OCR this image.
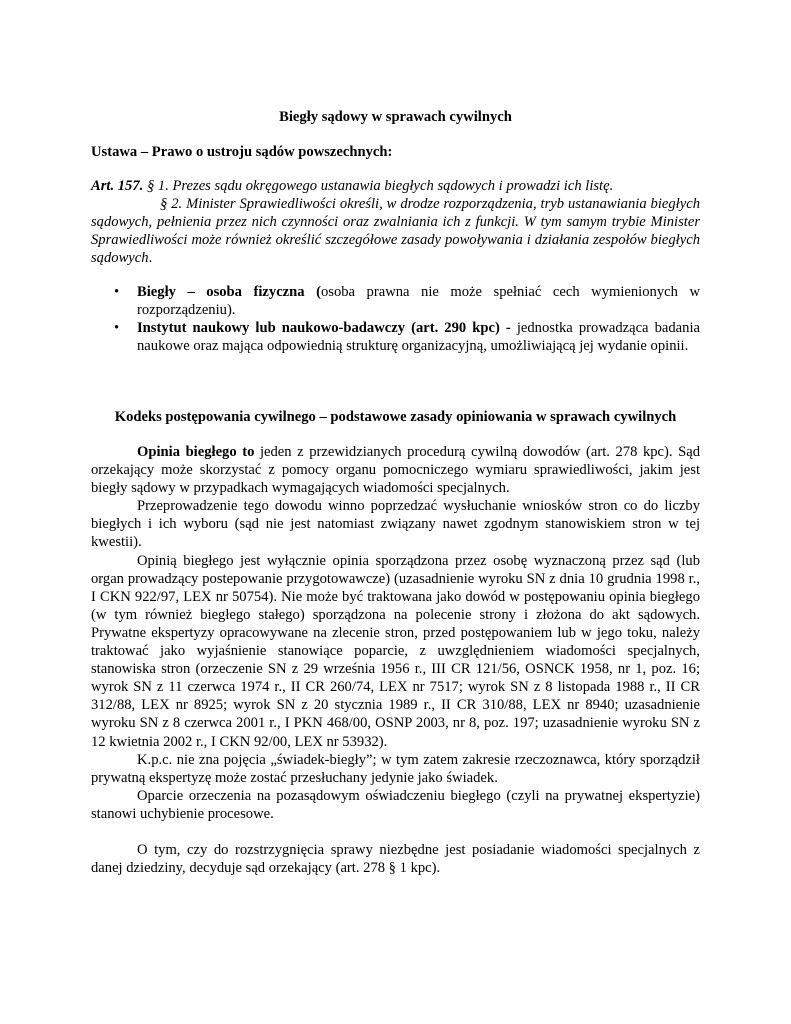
Biegły sądowy w sprawach cywilnych
Ustawa – Prawo o ustroju sądów powszechnych:

Art. 157. § 1. Prezes sądu okręgowego ustanawia biegłych sądowych i prowadzi ich listę.

§ 2. Minister Sprawiedliwości określi, w drodze rozporządzenia, tryb ustanawiania biegłych sądowych, pełnienia przez nich czynności oraz zwalniania ich z funkcji. W tym samym trybie Minister Sprawiedliwości może również określić szczegółowe zasady powoływania i działania zespołów biegłych sądowych.

• Biegły – osoba fizyczna (osoba prawna nie może spełniać cech wymienionych w rozporządzeniu).
• Instytut naukowy lub naukowo-badawczy (art. 290 kpc) - jednostka prowadząca badania naukowe oraz mająca odpowiednią strukturę organizacyjną, umożliwiającą jej wydanie opinii.
Kodeks postępowania cywilnego – podstawowe zasady opiniowania w sprawach cywilnych

Opinia biegłego to jeden z przewidzianych procedurą cywilną dowodów (art. 278 kpc). Sąd orzekający może skorzystać z pomocy organu pomocniczego wymiaru sprawiedliwości, jakim jest biegły sądowy w przypadkach wymagających wiadomości specjalnych.

Przeprowadzenie tego dowodu winno poprzedzać wysłuchanie wniosków stron co do liczby biegłych i ich wyboru (sąd nie jest natomiast związany nawet zgodnym stanowiskiem stron w tej kwestii).

Opinią biegłego jest wyłącznie opinia sporządzona przez osobę wyznaczoną przez sąd (lub organ prowadzący postepowanie przygotowawcze) (uzasadnienie wyroku SN z dnia 10 grudnia 1998 r., I CKN 922/97, LEX nr 50754). Nie może być traktowana jako dowód w postępowaniu opinia biegłego (w tym również biegłego stałego) sporządzona na polecenie strony i złożona do akt sądowych. Prywatne ekspertyzy opracowywane na zlecenie stron, przed postępowaniem lub w jego toku, należy traktować jako wyjaśnienie stanowiące poparcie, z uwzględnieniem wiadomości specjalnych, stanowiska stron (orzeczenie SN z 29 września 1956 r., III CR 121/56, OSNCK 1958, nr 1, poz. 16; wyrok SN z 11 czerwca 1974 r., II CR 260/74, LEX nr 7517; wyrok SN z 8 listopada 1988 r., II CR 312/88, LEX nr 8925; wyrok SN z 20 stycznia 1989 r., II CR 310/88, LEX nr 8940; uzasadnienie wyroku SN z 8 czerwca 2001 r., I PKN 468/00, OSNP 2003, nr 8, poz. 197; uzasadnienie wyroku SN z 12 kwietnia 2002 r., I CKN 92/00, LEX nr 53932).

K.p.c. nie zna pojęcia „świadek-biegły”; w tym zatem zakresie rzeczoznawca, który sporządził prywatną ekspertyzę może zostać przesłuchany jedynie jako świadek.

Oparcie orzeczenia na pozasądowym oświadczeniu biegłego (czyli na prywatnej ekspertyzie) stanowi uchybienie procesowe.

O tym, czy do rozstrzygnięcia sprawy niezbędne jest posiadanie wiadomości specjalnych z danej dziedziny, decyduje sąd orzekający (art. 278 § 1 kpc).
